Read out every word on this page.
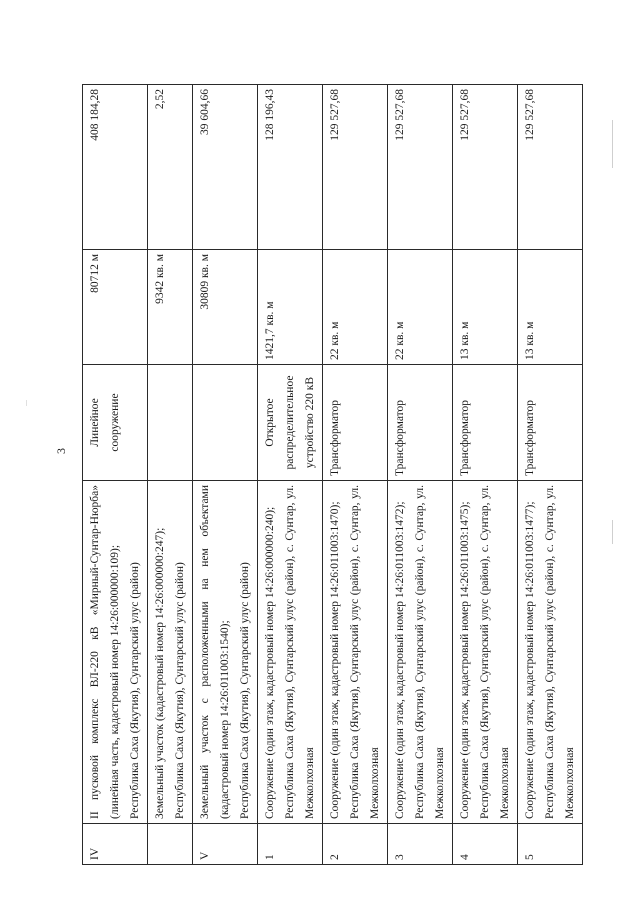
3
IV	II пусковой комплекс ВЛ-220 кВ «Мирный-Сунтар-Нюрба» (линейная часть, кадастровый номер 14:26:000000:109); Республика Саха (Якутия), Сунтарский улус (район)	Линейное сооружение	80712 м	408 184,28

	Земельный участок (кадастровый номер 14:26:000000:247); Республика Саха (Якутия), Сунтарский улус (район)		9342 кв. м	2,52
V	Земельный участок с расположенными на нем объектами (кадастровый номер 14:26:011003:1540); Республика Саха (Якутия), Сунтарский улус (район)		30809 кв. м	39 604,66
1	Сооружение (один этаж, кадастровый номер 14:26:000000:240); Республика Саха (Якутия), Сунтарский улус (район), с. Сунтар, ул. Межколхозная	Открытое распределительное устройство 220 кВ	1421,7 кв. м	128 196,43
2	Сооружение (один этаж, кадастровый номер 14:26:011003:1470); Республика Саха (Якутия), Сунтарский улус (район), с. Сунтар, ул. Межколхозная	Трансформатор	22 кв. м	129 527,68
3	Сооружение (один этаж, кадастровый номер 14:26:011003:1472); Республика Саха (Якутия), Сунтарский улус (район), с. Сунтар, ул. Межколхозная	Трансформатор	22 кв. м	129 527,68
4	Сооружение (один этаж, кадастровый номер 14:26:011003:1475); Республика Саха (Якутия), Сунтарский улус (район), с. Сунтар, ул. Межколхозная	Трансформатор	13 кв. м	129 527,68
5	Сооружение (один этаж, кадастровый номер 14:26:011003:1477); Республика Саха (Якутия), Сунтарский улус (район), с. Сунтар, ул. Межколхозная	Трансформатор	13 кв. м	129 527,68
